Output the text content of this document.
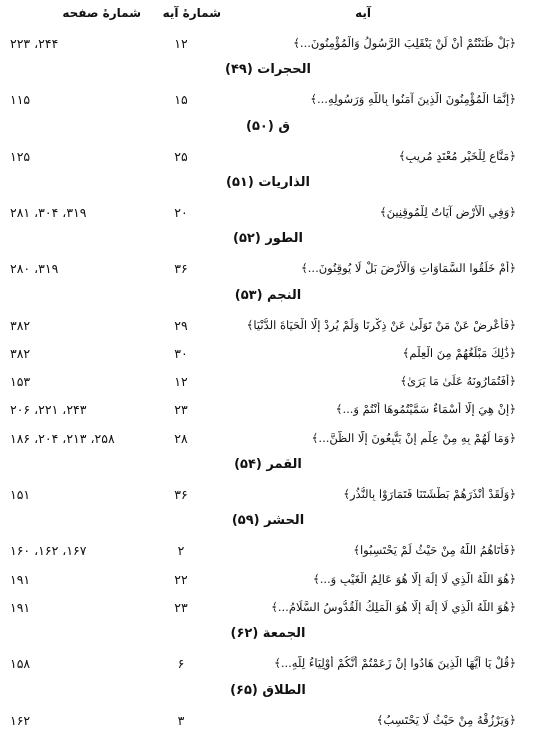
آيه
شمارهٔ آيه
شمارهٔ صفحه
﴿بَلْ ظَنَنْتُمْ أَنْ لَنْ يَنْقَلِبَ الرَّسُولُ وَالْمُؤْمِنُونَ...﴾
۱۲
۲۴۴، ۲۲۳
الحجرات (۴۹)
﴿إِنَّمَا الْمُؤْمِنُونَ الَّذِينَ آمَنُوا بِاللَّهِ وَرَسُولِهِ...﴾
۱۵
۱۱۵
ق (۵۰)
﴿مَنَّاعٍ لِلْخَيْرِ مُعْتَدٍ مُرِيبٍ﴾
۲۵
۱۲۵
الذاريات (۵۱)
﴿وَفِي الْأَرْضِ آيَاتٌ لِلْمُوقِنِينَ﴾
۲۰
۳۱۹، ۳۰۴، ۲۸۱
الطور (۵۲)
﴿أَمْ خَلَقُوا السَّمَاوَاتِ وَالْأَرْضَ بَلْ لَا يُوقِنُونَ...﴾
۳۶
۳۱۹، ۲۸۰
النجم (۵۳)
﴿فَأَعْرِضْ عَنْ مَنْ تَوَلَّىٰ عَنْ ذِكْرِنَا وَلَمْ يُرِدْ إِلَّا الْحَيَاةَ الدُّنْيَا﴾
۲۹
۳۸۲
﴿ذَٰلِكَ مَبْلَغُهُمْ مِنَ الْعِلْمِ﴾
۳۰
۳۸۲
﴿أَفَتُمَارُونَهُ عَلَىٰ مَا يَرَىٰ﴾
۱۲
۱۵۳
﴿إِنْ هِيَ إِلَّا أَسْمَاءٌ سَمَّيْتُمُوهَا أَنْتُمْ وَ...﴾
۲۳
۲۴۳، ۲۲۱، ۲۰۶
﴿وَمَا لَهُمْ بِهِ مِنْ عِلْمٍ إِنْ يَتَّبِعُونَ إِلَّا الظَّنَّ...﴾
۲۸
۲۵۸، ۲۱۳، ۲۰۴، ۱۸۶
القمر (۵۴)
﴿وَلَقَدْ أَنْذَرَهُمْ بَطْشَتَنَا فَتَمَارَوْا بِالنُّذُرِ﴾
۳۶
۱۵۱
الحشر (۵۹)
﴿فَأَتَاهُمُ اللَّهُ مِنْ حَيْثُ لَمْ يَحْتَسِبُوا﴾
۲
۱۶۷، ۱۶۲، ۱۶۰
﴿هُوَ اللَّهُ الَّذِي لَا إِلَٰهَ إِلَّا هُوَ عَالِمُ الْغَيْبِ وَ...﴾
۲۲
۱۹۱
﴿هُوَ اللَّهُ الَّذِي لَا إِلَٰهَ إِلَّا هُوَ الْمَلِكُ الْقُدُّوسُ السَّلَامُ...﴾
۲۳
۱۹۱
الجمعة (۶۲)
﴿قُلْ يَا أَيُّهَا الَّذِينَ هَادُوا إِنْ زَعَمْتُمْ أَنَّكُمْ أَوْلِيَاءُ لِلَّهِ...﴾
۶
۱۵۸
الطلاق (۶۵)
﴿وَيَرْزُقْهُ مِنْ حَيْثُ لَا يَحْتَسِبُ﴾
۳
۱۶۲
